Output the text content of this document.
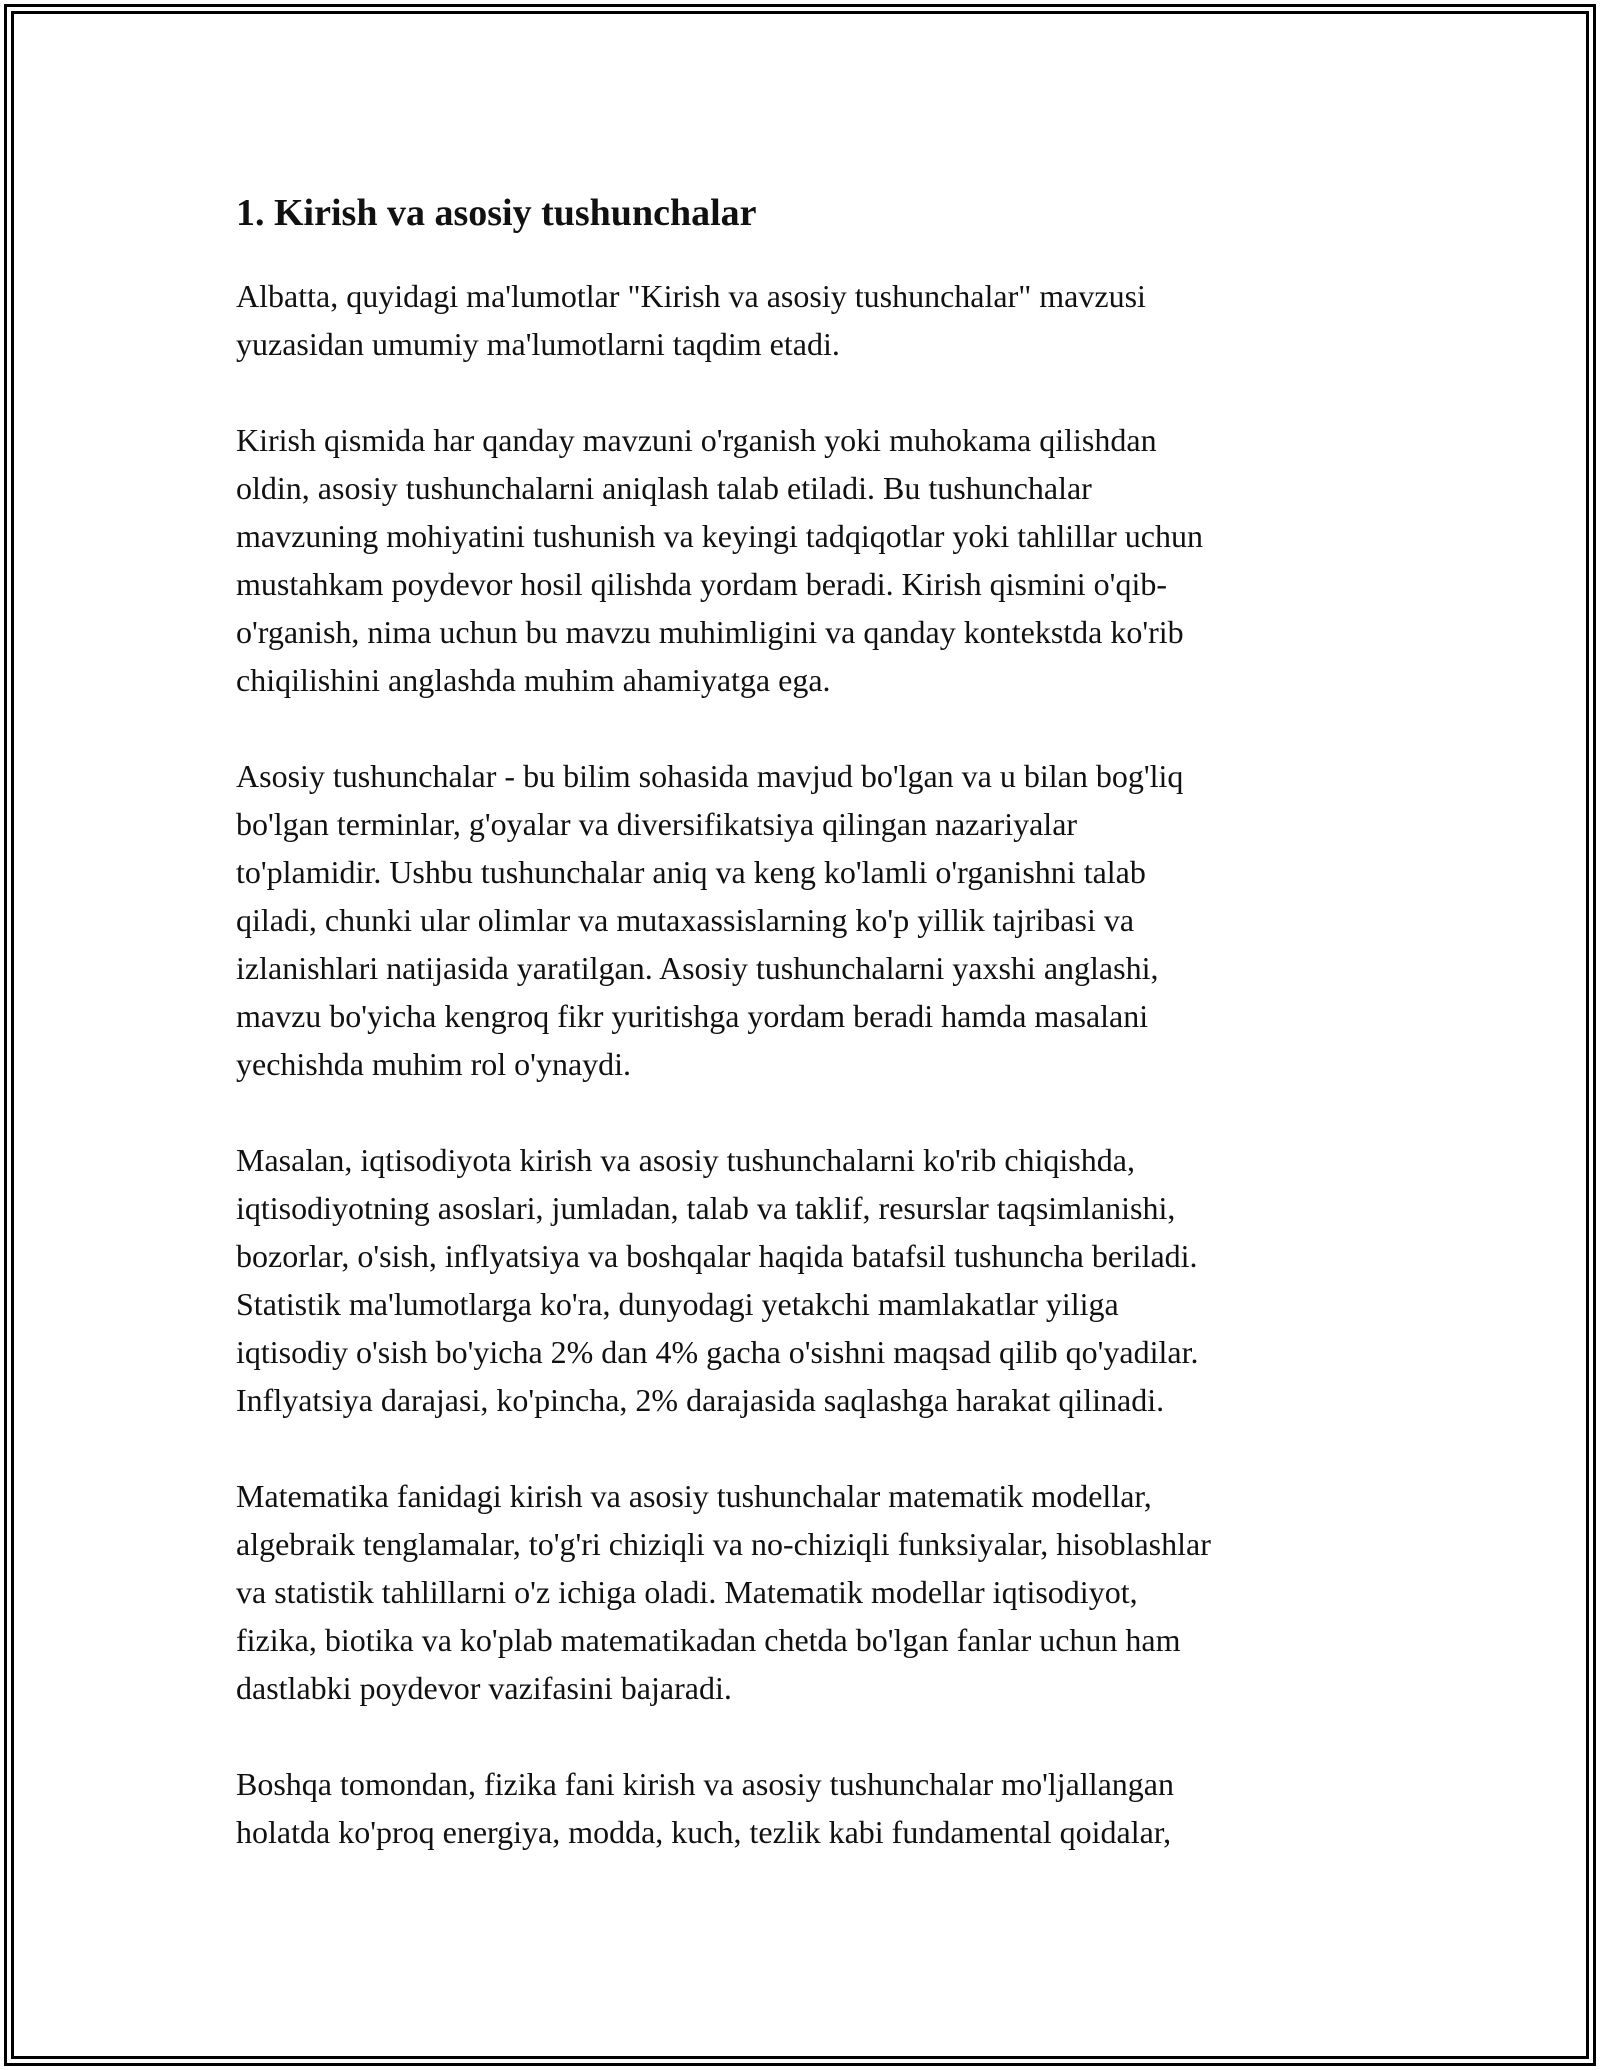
1. Kirish va asosiy tushunchalar

Albatta, quyidagi ma'lumotlar "Kirish va asosiy tushunchalar" mavzusi
yuzasidan umumiy ma'lumotlarni taqdim etadi.

Kirish qismida har qanday mavzuni o'rganish yoki muhokama qilishdan
oldin, asosiy tushunchalarni aniqlash talab etiladi. Bu tushunchalar
mavzuning mohiyatini tushunish va keyingi tadqiqotlar yoki tahlillar uchun
mustahkam poydevor hosil qilishda yordam beradi. Kirish qismini o'qib-
o'rganish, nima uchun bu mavzu muhimligini va qanday kontekstda ko'rib
chiqilishini anglashda muhim ahamiyatga ega.

Asosiy tushunchalar - bu bilim sohasida mavjud bo'lgan va u bilan bog'liq
bo'lgan terminlar, g'oyalar va diversifikatsiya qilingan nazariyalar
to'plamidir. Ushbu tushunchalar aniq va keng ko'lamli o'rganishni talab
qiladi, chunki ular olimlar va mutaxassislarning ko'p yillik tajribasi va
izlanishlari natijasida yaratilgan. Asosiy tushunchalarni yaxshi anglashi,
mavzu bo'yicha kengroq fikr yuritishga yordam beradi hamda masalani
yechishda muhim rol o'ynaydi.

Masalan, iqtisodiyota kirish va asosiy tushunchalarni ko'rib chiqishda,
iqtisodiyotning asoslari, jumladan, talab va taklif, resurslar taqsimlanishi,
bozorlar, o'sish, inflyatsiya va boshqalar haqida batafsil tushuncha beriladi.
Statistik ma'lumotlarga ko'ra, dunyodagi yetakchi mamlakatlar yiliga
iqtisodiy o'sish bo'yicha 2% dan 4% gacha o'sishni maqsad qilib qo'yadilar.
Inflyatsiya darajasi, ko'pincha, 2% darajasida saqlashga harakat qilinadi.

Matematika fanidagi kirish va asosiy tushunchalar matematik modellar,
algebraik tenglamalar, to'g'ri chiziqli va no-chiziqli funksiyalar, hisoblashlar
va statistik tahlillarni o'z ichiga oladi. Matematik modellar iqtisodiyot,
fizika, biotika va ko'plab matematikadan chetda bo'lgan fanlar uchun ham
dastlabki poydevor vazifasini bajaradi.

Boshqa tomondan, fizika fani kirish va asosiy tushunchalar mo'ljallangan
holatda ko'proq energiya, modda, kuch, tezlik kabi fundamental qoidalar,
